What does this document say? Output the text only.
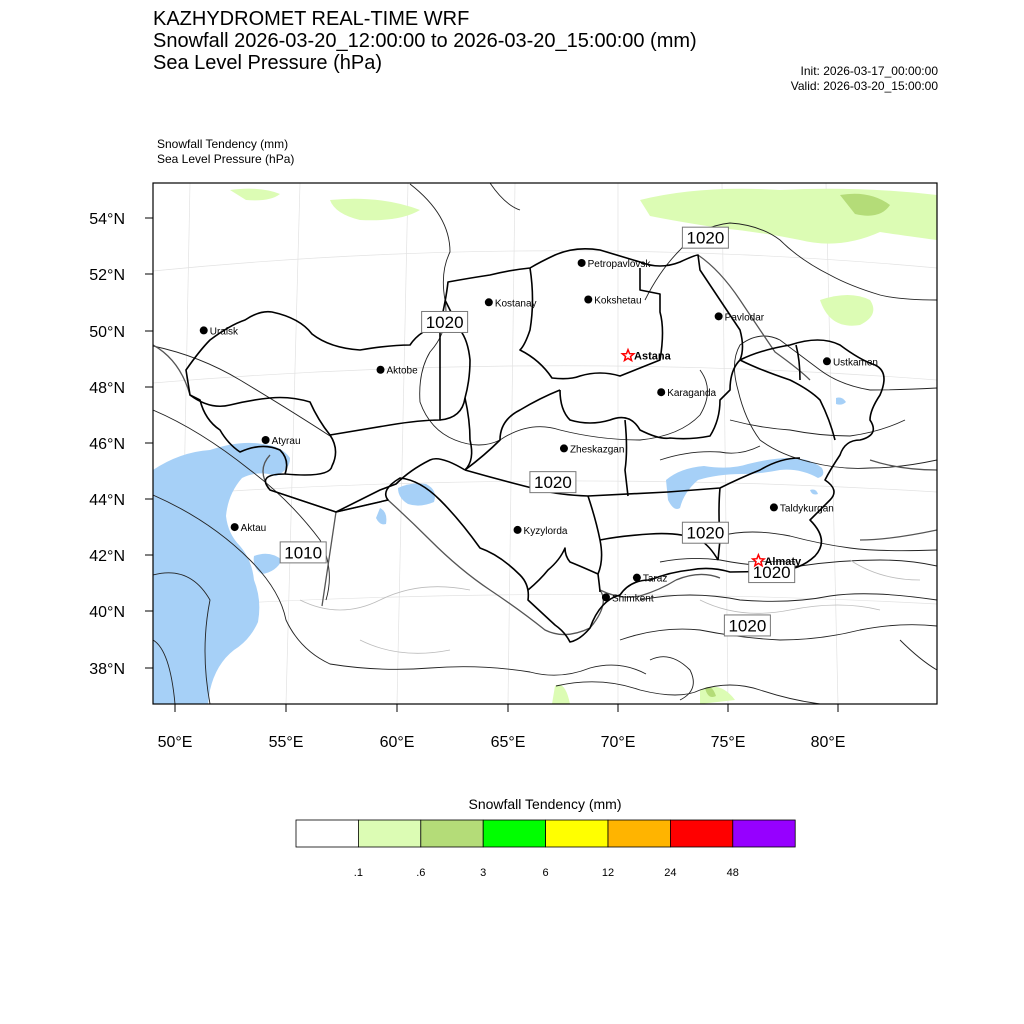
KAZHYDROMET REAL-TIME WRF
Snowfall 2026-03-20_12:00:00 to 2026-03-20_15:00:00 (mm)
Sea Level Pressure (hPa)	Init: 2026-03-17_00:00:00
Valid: 2026-03-20_15:00:00
Snowfall Tendency (mm)
Sea Level Pressure (hPa)
54°N
52°N
50°N
48°N
46°N
44°N
42°N
40°N
38°N
50°E	55°E	60°E	65°E	70°E	75°E	80°E
1020
1020
1020
1020
1020
1020
1010
Petropavlovsk
Kostanay	Kokshetau
Pavlodar
Uralsk
Astana
Ustkamen
Aktobe
Karaganda
Atyrau
Zheskazgan
Taldykurgan
Aktau	Kyzylorda
Almaty
Taraz
Shimkent
Snowfall Tendency (mm)
.1	.6	3	6	12	24	48
